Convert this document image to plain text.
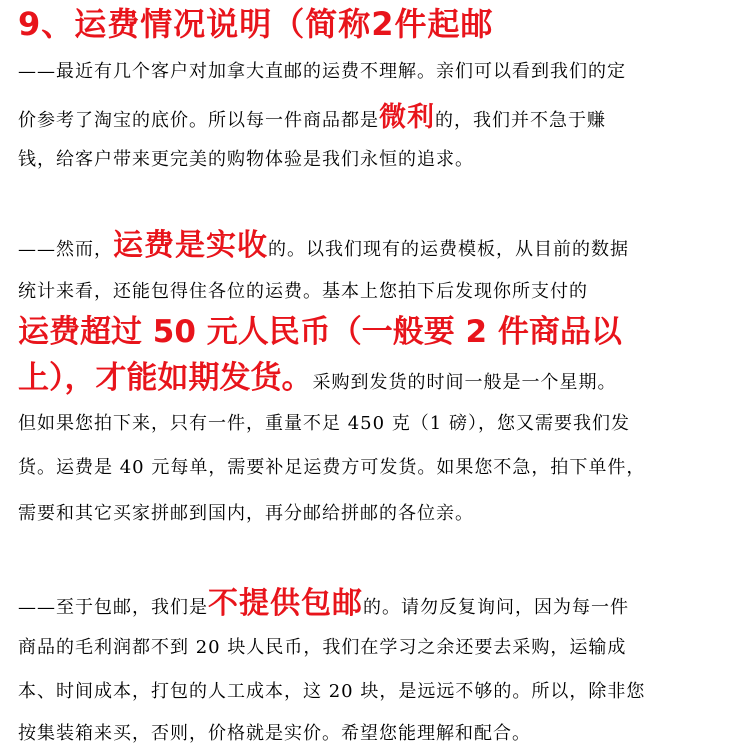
9、运费情况说明（简称2件起邮
——最近有几个客户对加拿大直邮的运费不理解。亲们可以看到我们的定
价参考了淘宝的底价。所以每一件商品都是微利的，我们并不急于赚
钱，给客户带来更完美的购物体验是我们永恒的追求。
——然而，运费是实收的。以我们现有的运费模板，从目前的数据
统计来看，还能包得住各位的运费。基本上您拍下后发现你所支付的
运费超过 50 元人民币（一般要 2 件商品以
上），才能如期发货。采购到发货的时间一般是一个星期。
但如果您拍下来，只有一件，重量不足 450 克（1 磅），您又需要我们发
货。运费是 40 元每单，需要补足运费方可发货。如果您不急，拍下单件，
需要和其它买家拼邮到国内，再分邮给拼邮的各位亲。
——至于包邮，我们是不提供包邮的。请勿反复询问，因为每一件
商品的毛利润都不到 20 块人民币，我们在学习之余还要去采购，运输成
本、时间成本，打包的人工成本，这 20 块，是远远不够的。所以，除非您
按集装箱来买，否则，价格就是实价。希望您能理解和配合。
